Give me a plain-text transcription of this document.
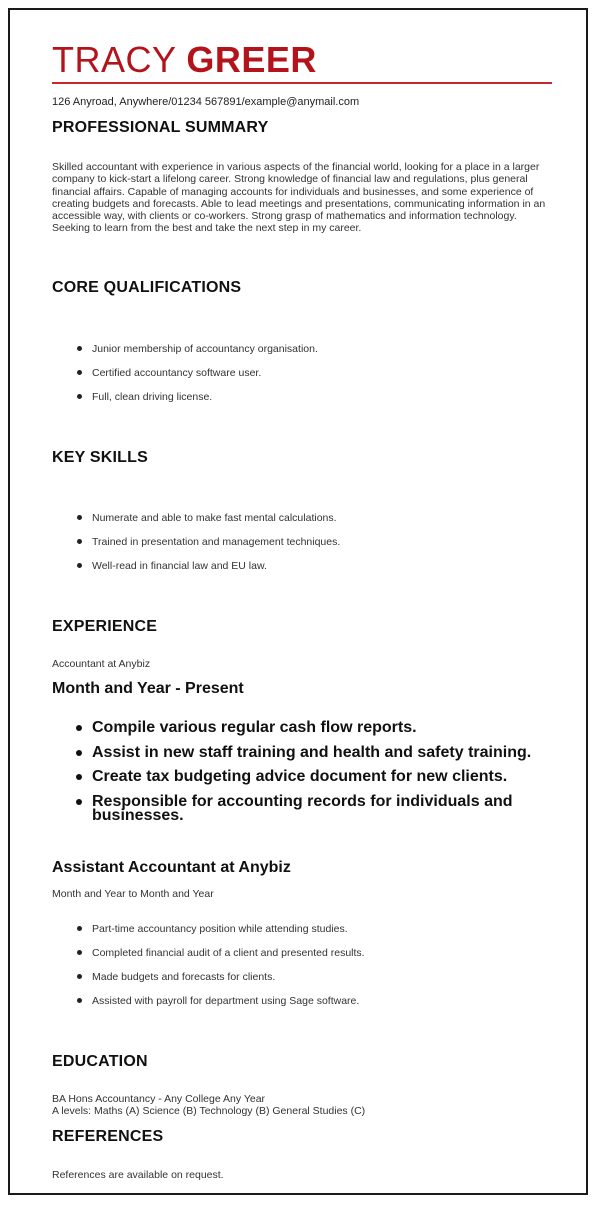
TRACY GREER
126 Anyroad, Anywhere/01234 567891/example@anymail.com
PROFESSIONAL SUMMARY
Skilled accountant with experience in various aspects of the financial world, looking for a place in a larger company to kick-start a lifelong career. Strong knowledge of financial law and regulations, plus general financial affairs. Capable of managing accounts for individuals and businesses, and some experience of creating budgets and forecasts. Able to lead meetings and presentations, communicating information in an accessible way, with clients or co-workers. Strong grasp of mathematics and information technology. Seeking to learn from the best and take the next step in my career.
CORE QUALIFICATIONS
Junior membership of accountancy organisation.
Certified accountancy software user.
Full, clean driving license.
KEY SKILLS
Numerate and able to make fast mental calculations.
Trained in presentation and management techniques.
Well-read in financial law and EU law.
EXPERIENCE
Accountant at Anybiz
Month and Year - Present
Compile various regular cash flow reports.
Assist in new staff training and health and safety training.
Create tax budgeting advice document for new clients.
Responsible for accounting records for individuals and businesses.
Assistant Accountant at Anybiz
Month and Year to Month and Year
Part-time accountancy position while attending studies.
Completed financial audit of a client and presented results.
Made budgets and forecasts for clients.
Assisted with payroll for department using Sage software.
EDUCATION
BA Hons Accountancy - Any College Any Year
A levels: Maths (A) Science (B) Technology (B) General Studies (C)
REFERENCES
References are available on request.
